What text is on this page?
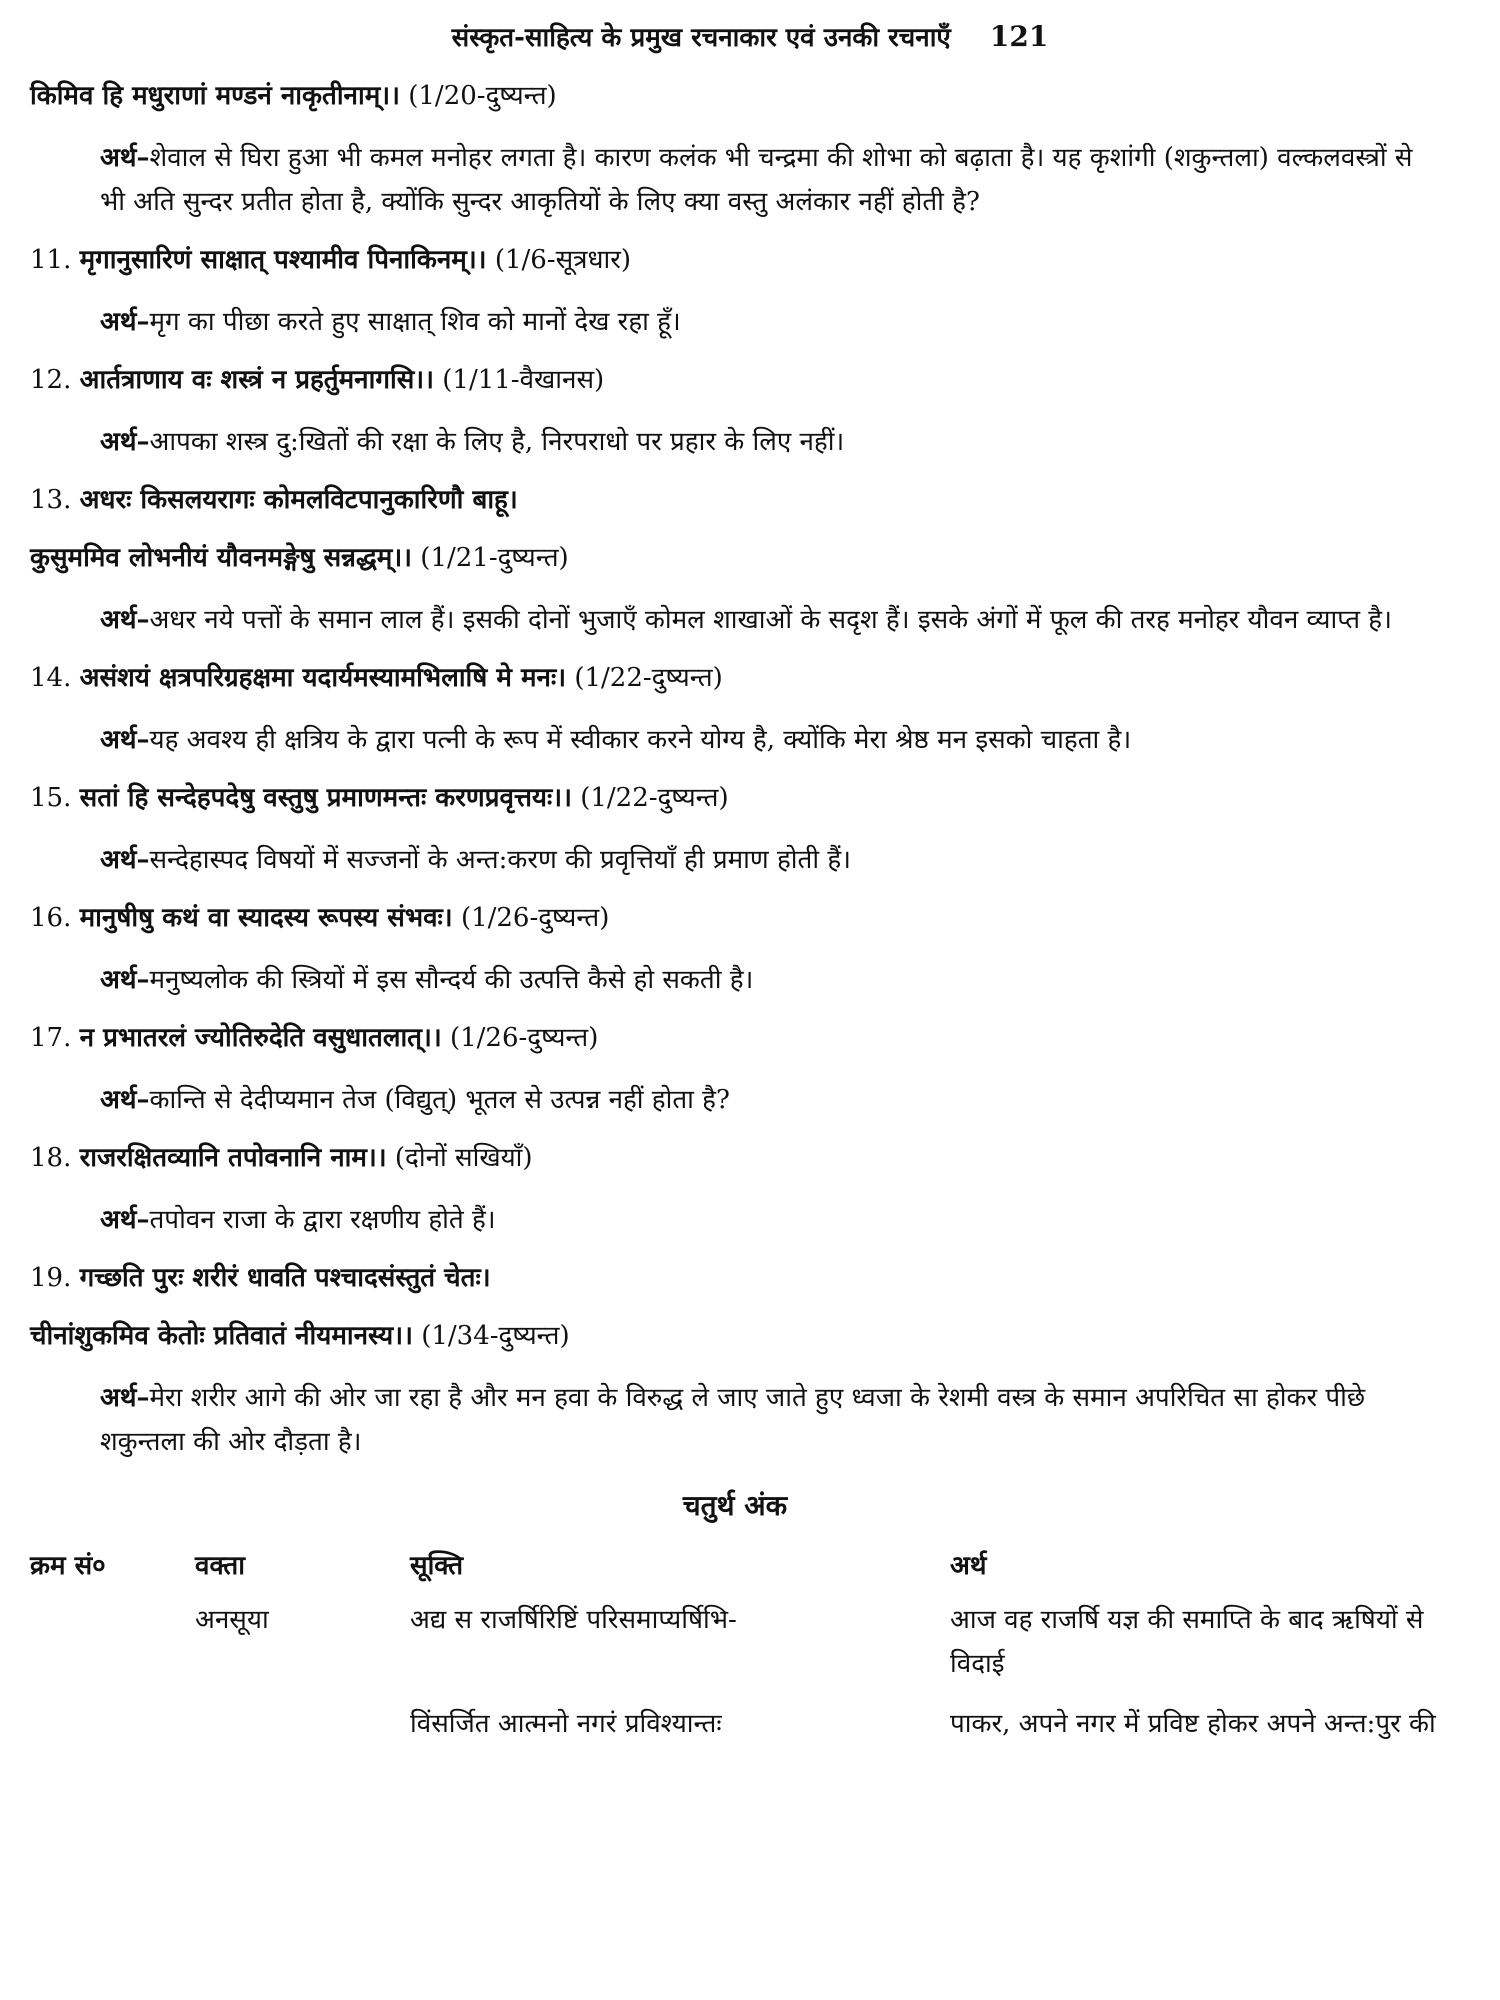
संस्कृत-साहित्य के प्रमुख रचनाकार एवं उनकी रचनाएँ 121

किमिव हि मधुराणां मण्डनं नाकृतीनाम्।। (1/20-दुष्यन्त)

अर्थ–शेवाल से घिरा हुआ भी कमल मनोहर लगता है। कारण कलंक भी चन्द्रमा की शोभा को बढ़ाता है। यह कृशांगी (शकुन्तला) वल्कलवस्त्रों से भी अति सुन्दर प्रतीत होता है, क्योंकि सुन्दर आकृतियों के लिए क्या वस्तु अलंकार नहीं होती है?

11. मृगानुसारिणं साक्षात् पश्यामीव पिनाकिनम्।। (1/6-सूत्रधार)

अर्थ–मृग का पीछा करते हुए साक्षात् शिव को मानों देख रहा हूँ।

12. आर्तत्राणाय वः शस्त्रं न प्रहर्तुमनागसि।। (1/11-वैखानस)

अर्थ–आपका शस्त्र दु:खितों की रक्षा के लिए है, निरपराधो पर प्रहार के लिए नहीं।

13. अधरः किसलयरागः कोमलविटपानुकारिणौ बाहू।

कुसुममिव लोभनीयं यौवनमङ्गेषु सन्नद्धम्।। (1/21-दुष्यन्त)

अर्थ–अधर नये पत्तों के समान लाल हैं। इसकी दोनों भुजाएँ कोमल शाखाओं के सदृश हैं। इसके अंगों में फूल की तरह मनोहर यौवन व्याप्त है।

14. असंशयं क्षत्रपरिग्रहक्षमा यदार्यमस्यामभिलाषि मे मनः। (1/22-दुष्यन्त)

अर्थ–यह अवश्य ही क्षत्रिय के द्वारा पत्नी के रूप में स्वीकार करने योग्य है, क्योंकि मेरा श्रेष्ठ मन इसको चाहता है।

15. सतां हि सन्देहपदेषु वस्तुषु प्रमाणमन्तः करणप्रवृत्तयः।। (1/22-दुष्यन्त)

अर्थ–सन्देहास्पद विषयों में सज्जनों के अन्त:करण की प्रवृत्तियाँ ही प्रमाण होती हैं।

16. मानुषीषु कथं वा स्यादस्य रूपस्य संभवः। (1/26-दुष्यन्त)

अर्थ–मनुष्यलोक की स्त्रियों में इस सौन्दर्य की उत्पत्ति कैसे हो सकती है।

17. न प्रभातरलं ज्योतिरुदेति वसुधातलात्।। (1/26-दुष्यन्त)

अर्थ–कान्ति से देदीप्यमान तेज (विद्युत्) भूतल से उत्पन्न नहीं होता है?

18. राजरक्षितव्यानि तपोवनानि नाम।। (दोनों सखियाँ)

अर्थ–तपोवन राजा के द्वारा रक्षणीय होते हैं।

19. गच्छति पुरः शरीरं धावति पश्चादसंस्तुतं चेतः।

चीनांशुकमिव केतोः प्रतिवातं नीयमानस्य।। (1/34-दुष्यन्त)

अर्थ–मेरा शरीर आगे की ओर जा रहा है और मन हवा के विरुद्ध ले जाए जाते हुए ध्वजा के रेशमी वस्त्र के समान अपरिचित सा होकर पीछे शकुन्तला की ओर दौड़ता है।

चतुर्थ अंक
क्रम सं०	वक्ता	सूक्ति	अर्थ
	अनसूया	अद्य स राजर्षिरिष्टिं परिसमाप्यर्षिभि-	आज वह राजर्षि यज्ञ की समाप्ति के बाद ऋषियों से विदाई
		विंसर्जित आत्मनो नगरं प्रविश्यान्तः	पाकर, अपने नगर में प्रविष्ट होकर अपने अन्त:पुर की
